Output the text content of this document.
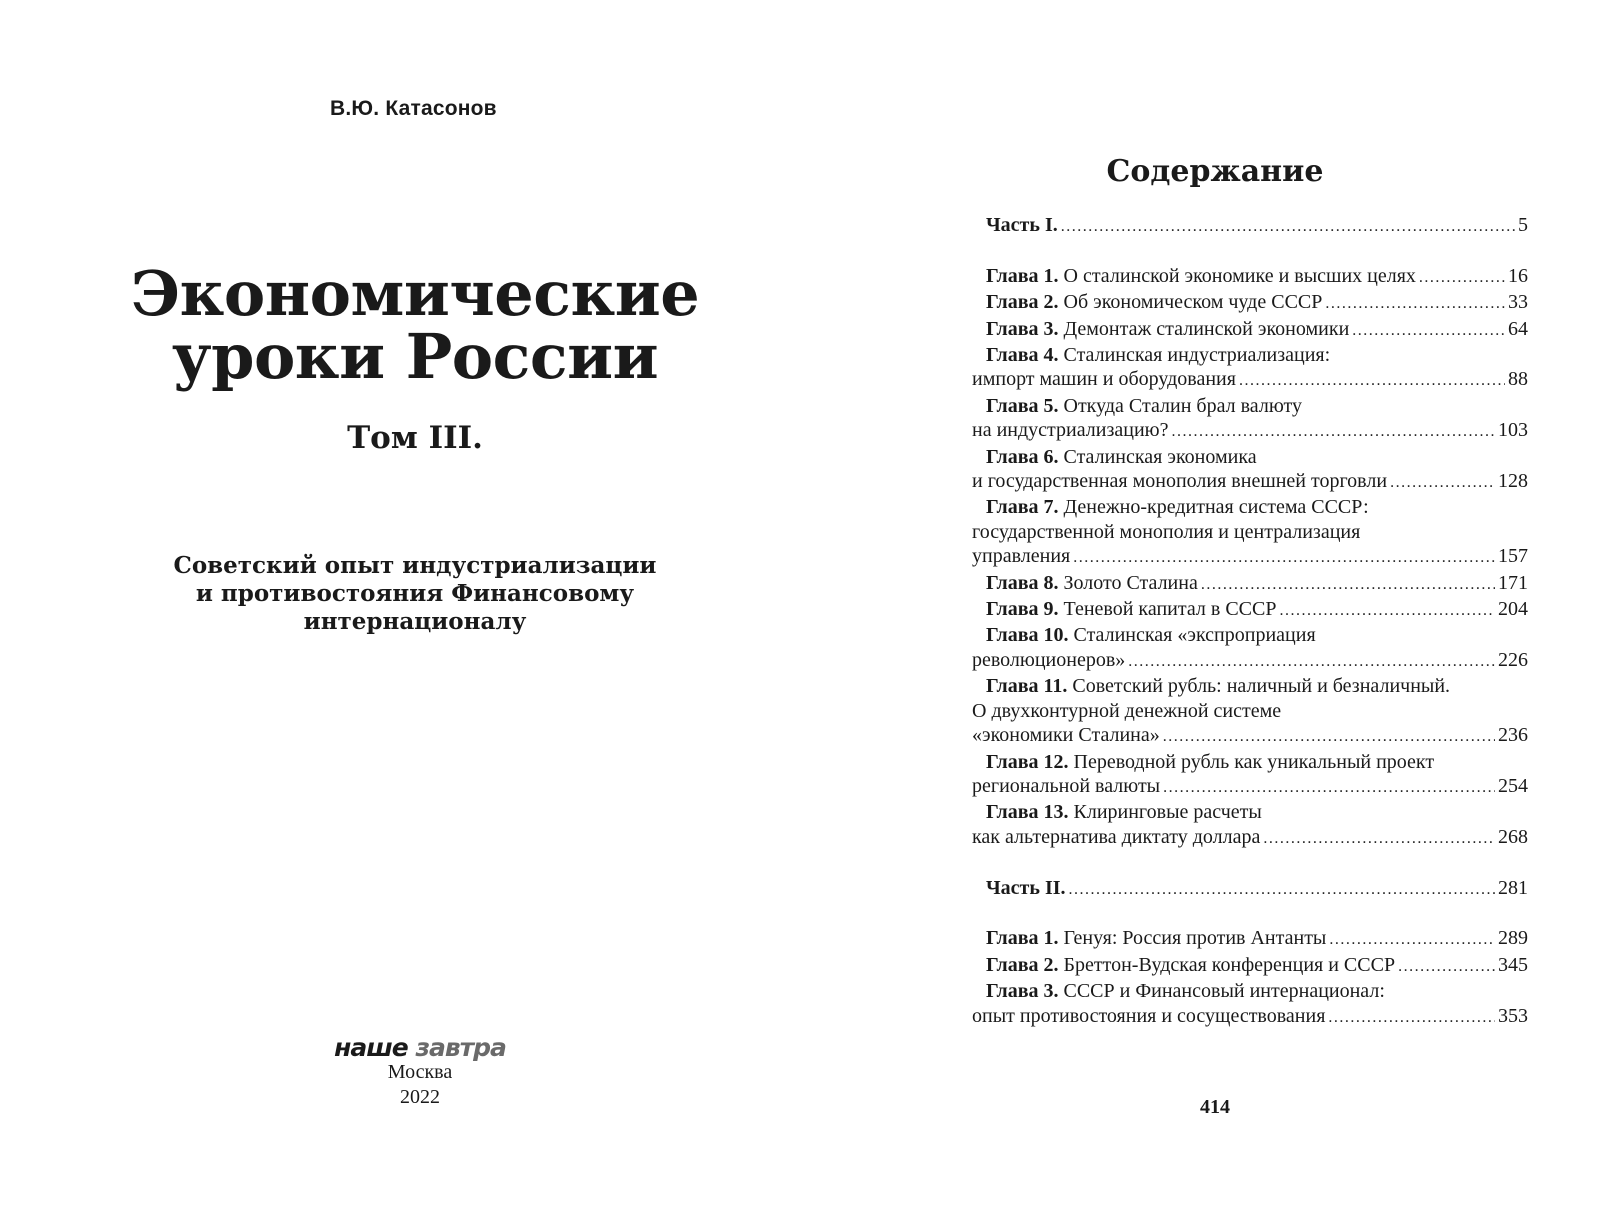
В.Ю. Катасонов
Экономические
уроки России
Том III.
Советский опыт индустриализации
и противостояния Финансовому
интернационалу
наше завтра
Москва
2022
Содержание
Часть I. .....	5
Глава 1. О сталинской экономике и высших целях .....	16
Глава 2. Об экономическом чуде СССР .....	33
Глава 3. Демонтаж сталинской экономики .....	64
Глава 4. Сталинская индустриализация:
импорт машин и оборудования .....	88
Глава 5. Откуда Сталин брал валюту
на индустриализацию? .....	103
Глава 6. Сталинская экономика
и государственная монополия внешней торговли .....	128
Глава 7. Денежно-кредитная система СССР:
государственной монополия и централизация
управления .....	157
Глава 8. Золото Сталина .....	171
Глава 9. Теневой капитал в СССР .....	204
Глава 10. Сталинская «экспроприация
революционеров» .....	226
Глава 11. Советский рубль: наличный и безналичный.
О двухконтурной денежной системе
«экономики Сталина» .....	236
Глава 12. Переводной рубль как уникальный проект
региональной валюты .....	254
Глава 13. Клиринговые расчеты
как альтернатива диктату доллара .....	268
Часть II. .....	281
Глава 1. Генуя: Россия против Антанты .....	289
Глава 2. Бреттон-Вудская конференция и СССР .....	345
Глава 3. СССР и Финансовый интернационал:
опыт противостояния и сосуществования .....	353
414
